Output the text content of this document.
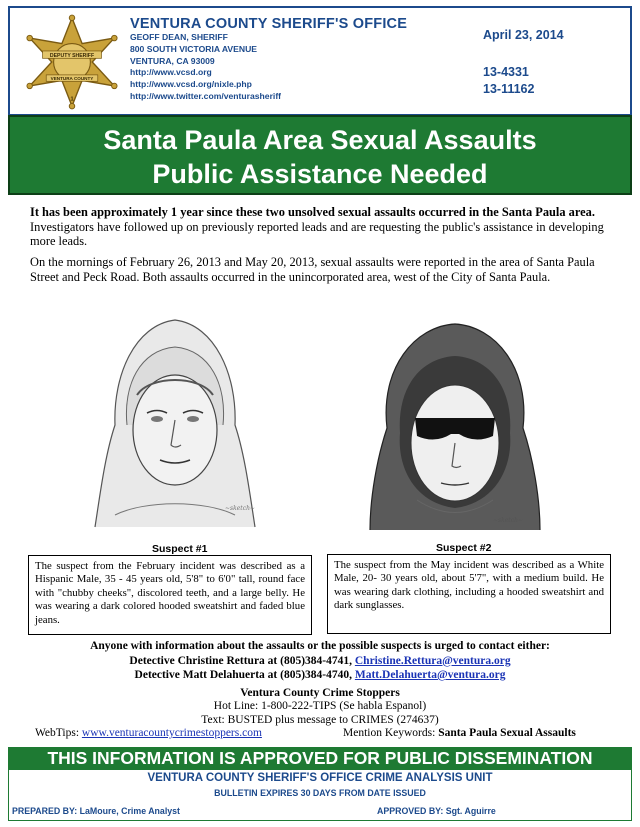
DEPUTY SHERIFF
VENTURA COUNTY
1
VENTURA COUNTY SHERIFF'S OFFICE
GEOFF DEAN, SHERIFF
800 SOUTH VICTORIA AVENUE
VENTURA, CA 93009
http://www.vcsd.org
http://www.vcsd.org/nixle.php
http://www.twitter.com/venturasheriff
April 23, 2014
13-4331
13-11162
Santa Paula Area Sexual Assaults
Public Assistance Needed
It has been approximately 1 year since these two unsolved sexual assaults occurred in the Santa Paula area. Investigators have followed up on previously reported leads and are requesting the public's assistance in developing more leads.
On the mornings of February 26, 2013 and May 20, 2013, sexual assaults were reported in the area of Santa Paula Street and Peck Road. Both assaults occurred in the unincorporated area, west of the City of Santa Paula.
~sketch~
~sketch~
Suspect #1	Suspect #2
The suspect from the February incident was described as a Hispanic Male, 35 - 45 years old, 5'8" to 6'0" tall, round face with "chubby cheeks", discolored teeth, and a large belly. He was wearing a dark colored hooded sweatshirt and faded blue jeans.
The suspect from the May incident was described as a White Male, 20- 30 years old, about 5'7", with a medium build. He was wearing dark clothing, including a hooded sweatshirt and dark sunglasses.
Anyone with information about the assaults or the possible suspects is urged to contact either:
Detective Christine Rettura at (805)384-4741, Christine.Rettura@ventura.org
Detective Matt Delahuerta at (805)384-4740, Matt.Delahuerta@ventura.org
Ventura County Crime Stoppers
Hot Line: 1-800-222-TIPS (Se habla Espanol)
Text: BUSTED plus message to CRIMES (274637)
WebTips: www.venturacountycrimestoppers.com	Mention Keywords: Santa Paula Sexual Assaults
THIS INFORMATION IS APPROVED FOR PUBLIC DISSEMINATION
VENTURA COUNTY SHERIFF'S OFFICE CRIME ANALYSIS UNIT
BULLETIN EXPIRES 30 DAYS FROM DATE ISSUED
PREPARED BY: LaMoure, Crime Analyst	APPROVED BY: Sgt. Aguirre
